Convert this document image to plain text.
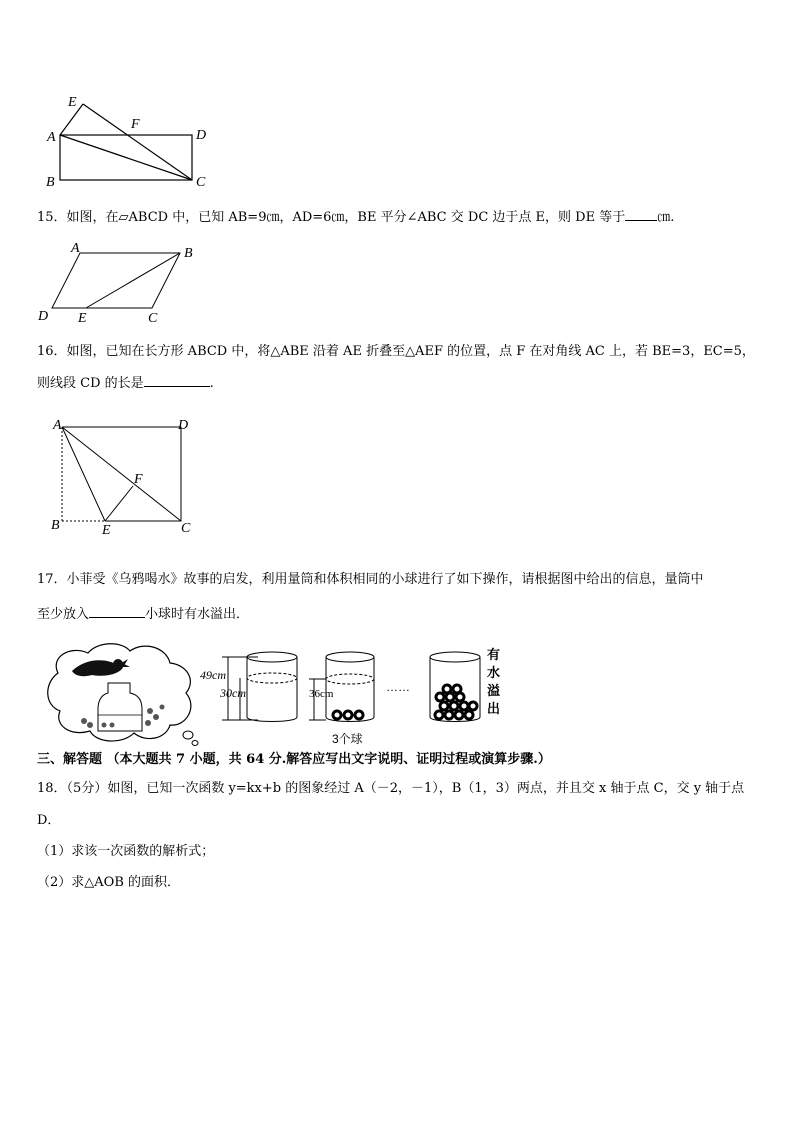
E
F
A	D
B	C
15．如图，在▱ABCD 中，已知 AB=9㎝，AD=6㎝，BE 平分∠ABC 交 DC 边于点 E，则 DE 等于 ㎝.
A	B
D E	C
16．如图，已知在长方形 ABCD 中，将△ABE 沿着 AE 折叠至△AEF 的位置，点 F 在对角线 AC 上，若 BE=3，EC=5，
则线段 CD 的长是	.
A	D
F
B	E	C
17．小菲受《乌鸦喝水》故事的启发，利用量筒和体积相同的小球进行了如下操作，请根据图中给出的信息，量筒中
至少放入	小球时有水溢出．
49cm
30cm	36cm
3个球
……
有
水
溢
出
三、解答题 （本大题共 7 小题，共 64 分.解答应写出文字说明、证明过程或演算步骤.）
18．（5分）如图，已知一次函数 y=kx+b 的图象经过 A（－2，－1），B（1，3）两点，并且交 x 轴于点 C，交 y 轴于点
D．
（1）求该一次函数的解析式；
（2）求△AOB 的面积．
